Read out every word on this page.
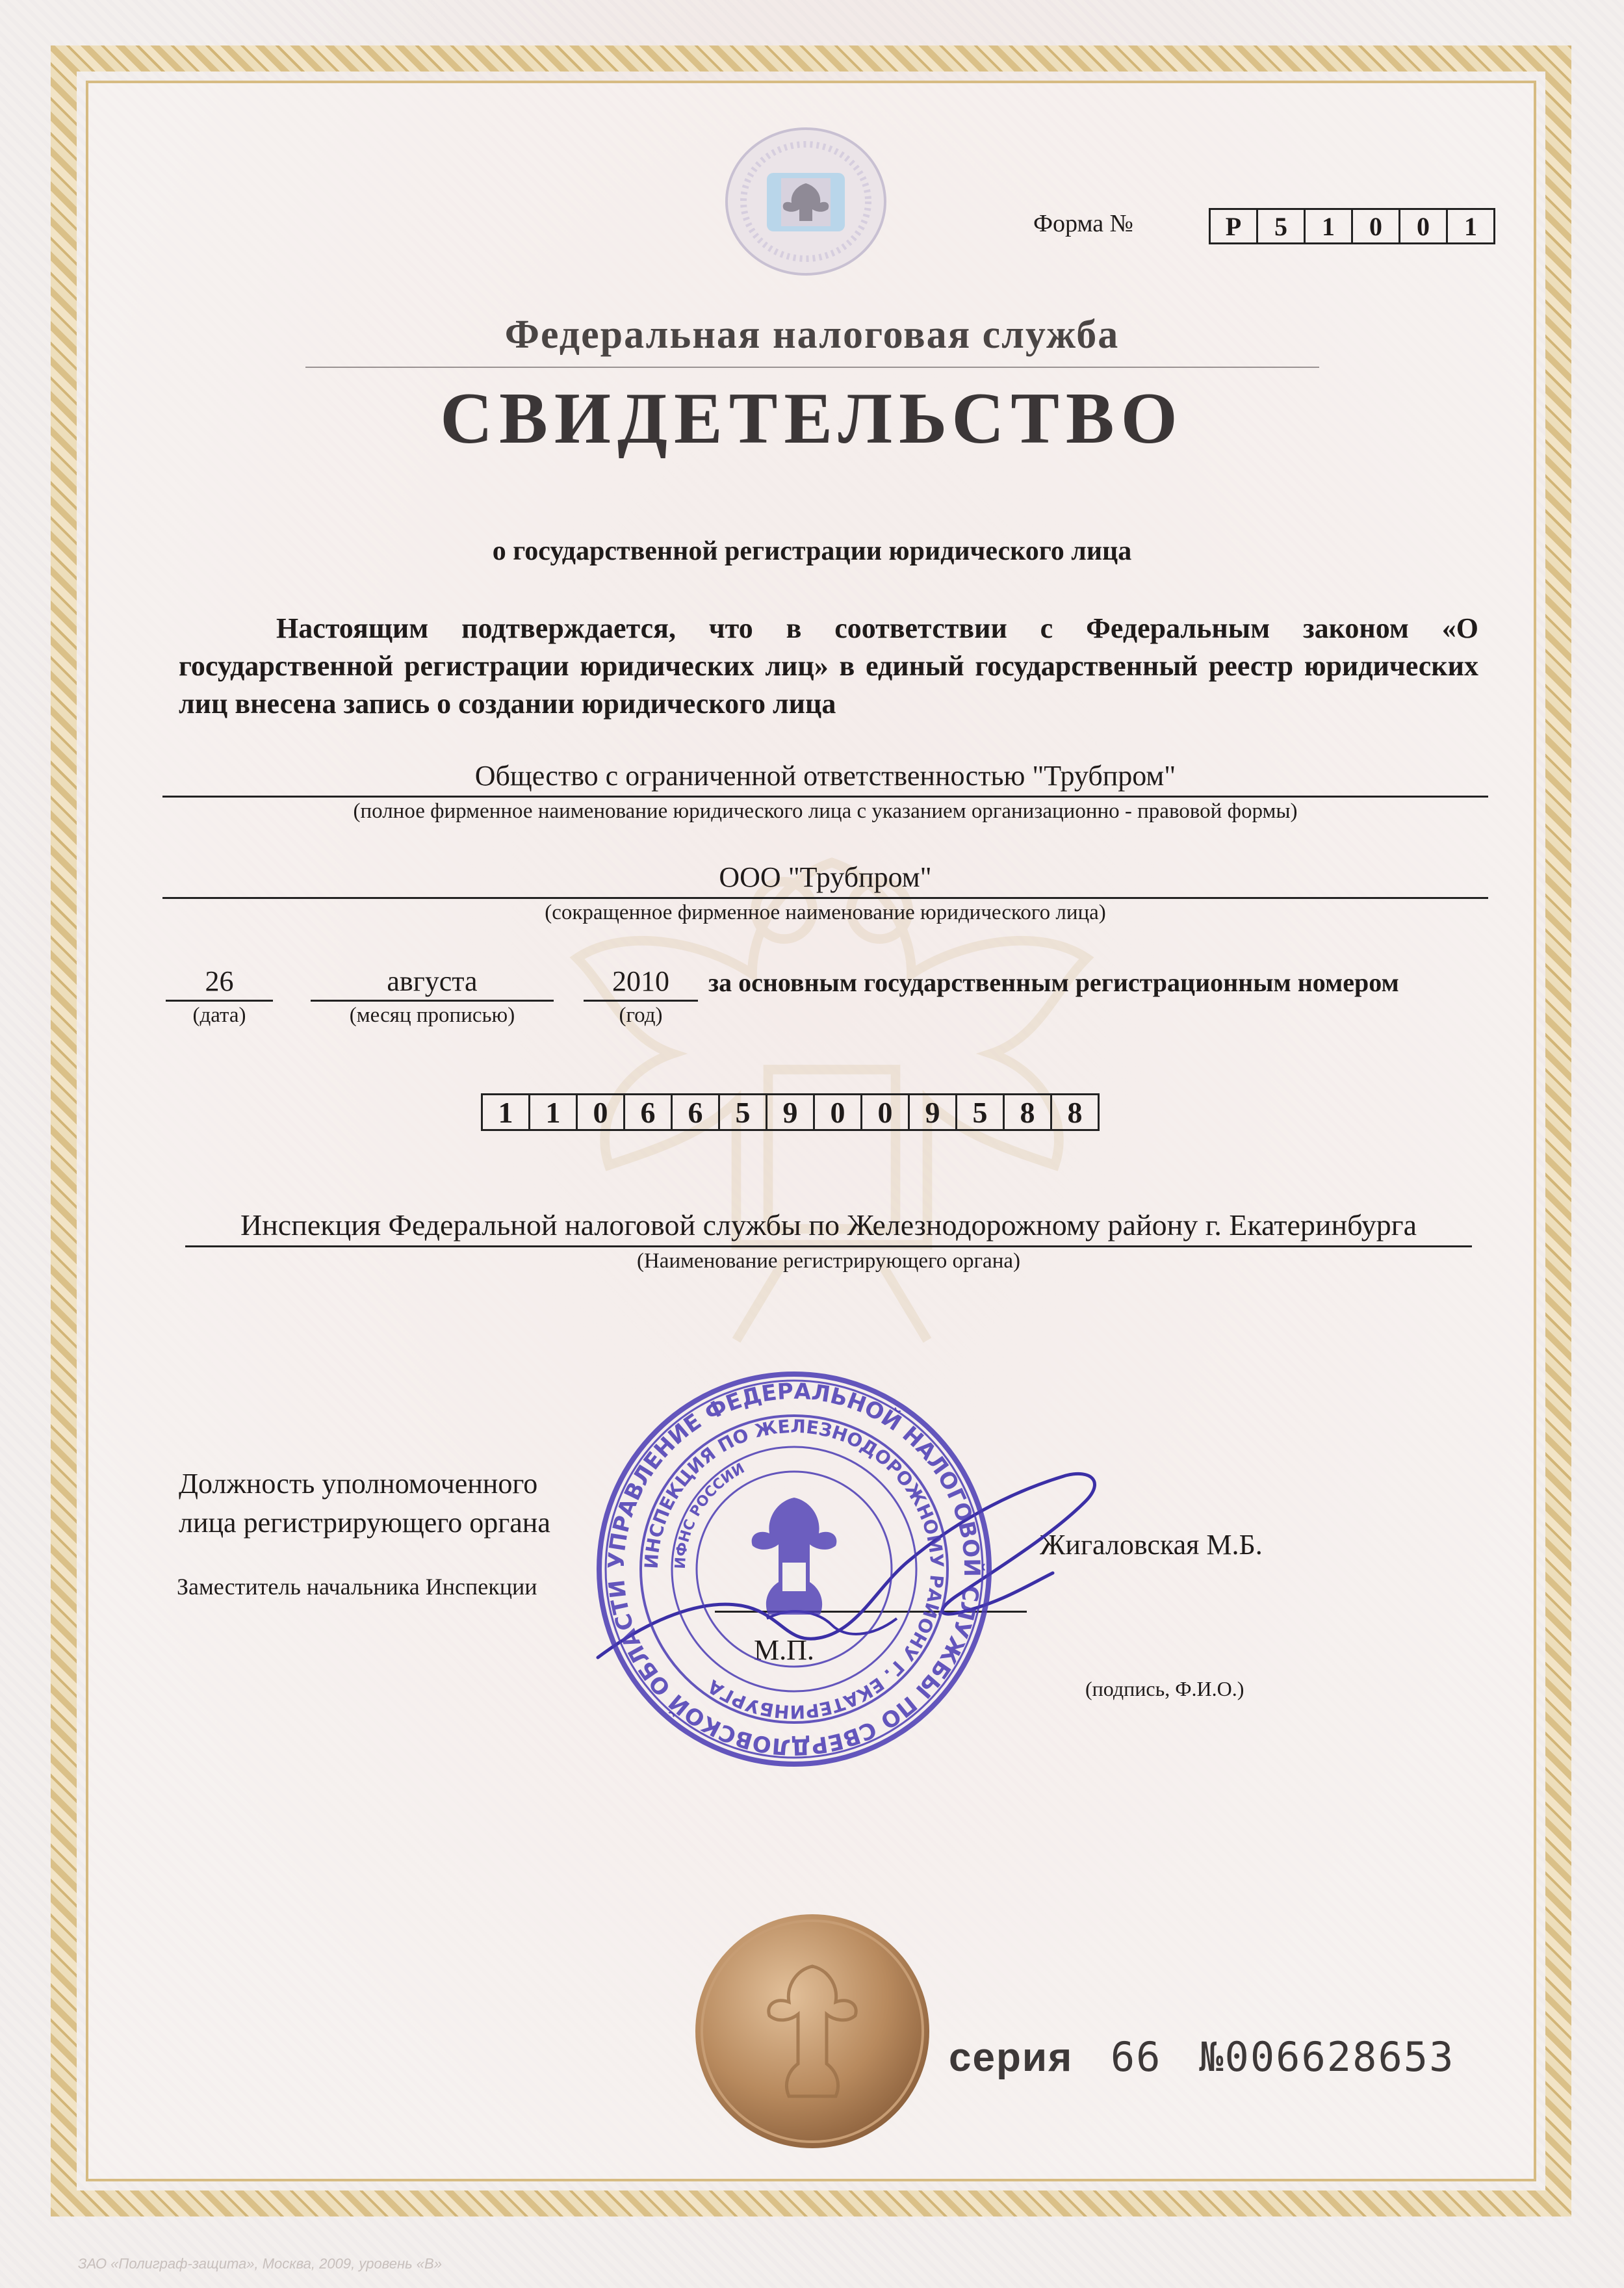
Форма №	Р	5	1	0	0	1
Федеральная налоговая служба
СВИДЕТЕЛЬСТВО
о государственной регистрации юридического лица
Настоящим подтверждается, что в соответствии с Федеральным законом «О государственной регистрации юридических лиц» в единый государственный реестр юридических лиц внесена запись о создании юридического лица
Общество с ограниченной ответственностью "Трубпром"
(полное фирменное наименование юридического лица с указанием организационно - правовой формы)
ООО "Трубпром"
(сокращенное фирменное наименование юридического лица)
26
(дата)
августа
(месяц прописью)
2010
(год)
за основным государственным регистрационным номером
1	1	0	6	6	5	9	0	0	9	5	8	8
Инспекция Федеральной налоговой службы по Железнодорожному району г. Екатеринбурга
(Наименование регистрирующего органа)
Должность уполномоченного
лица регистрирующего органа
Заместитель начальника Инспекции
Жигаловская М.Б.
М.П.
(подпись, Ф.И.О.)
УПРАВЛЕНИЕ ФЕДЕРАЛЬНОЙ НАЛОГОВОЙ СЛУЖБЫ ПО СВЕРДЛОВСКОЙ ОБЛАСТИ
ИНСПЕКЦИЯ ПО ЖЕЛЕЗНОДОРОЖНОМУ РАЙОНУ Г. ЕКАТЕРИНБУРГА
ИФНС РОССИИ
серия 66 №006628653
ЗАО «Полиграф-защита», Москва, 2009, уровень «В»
